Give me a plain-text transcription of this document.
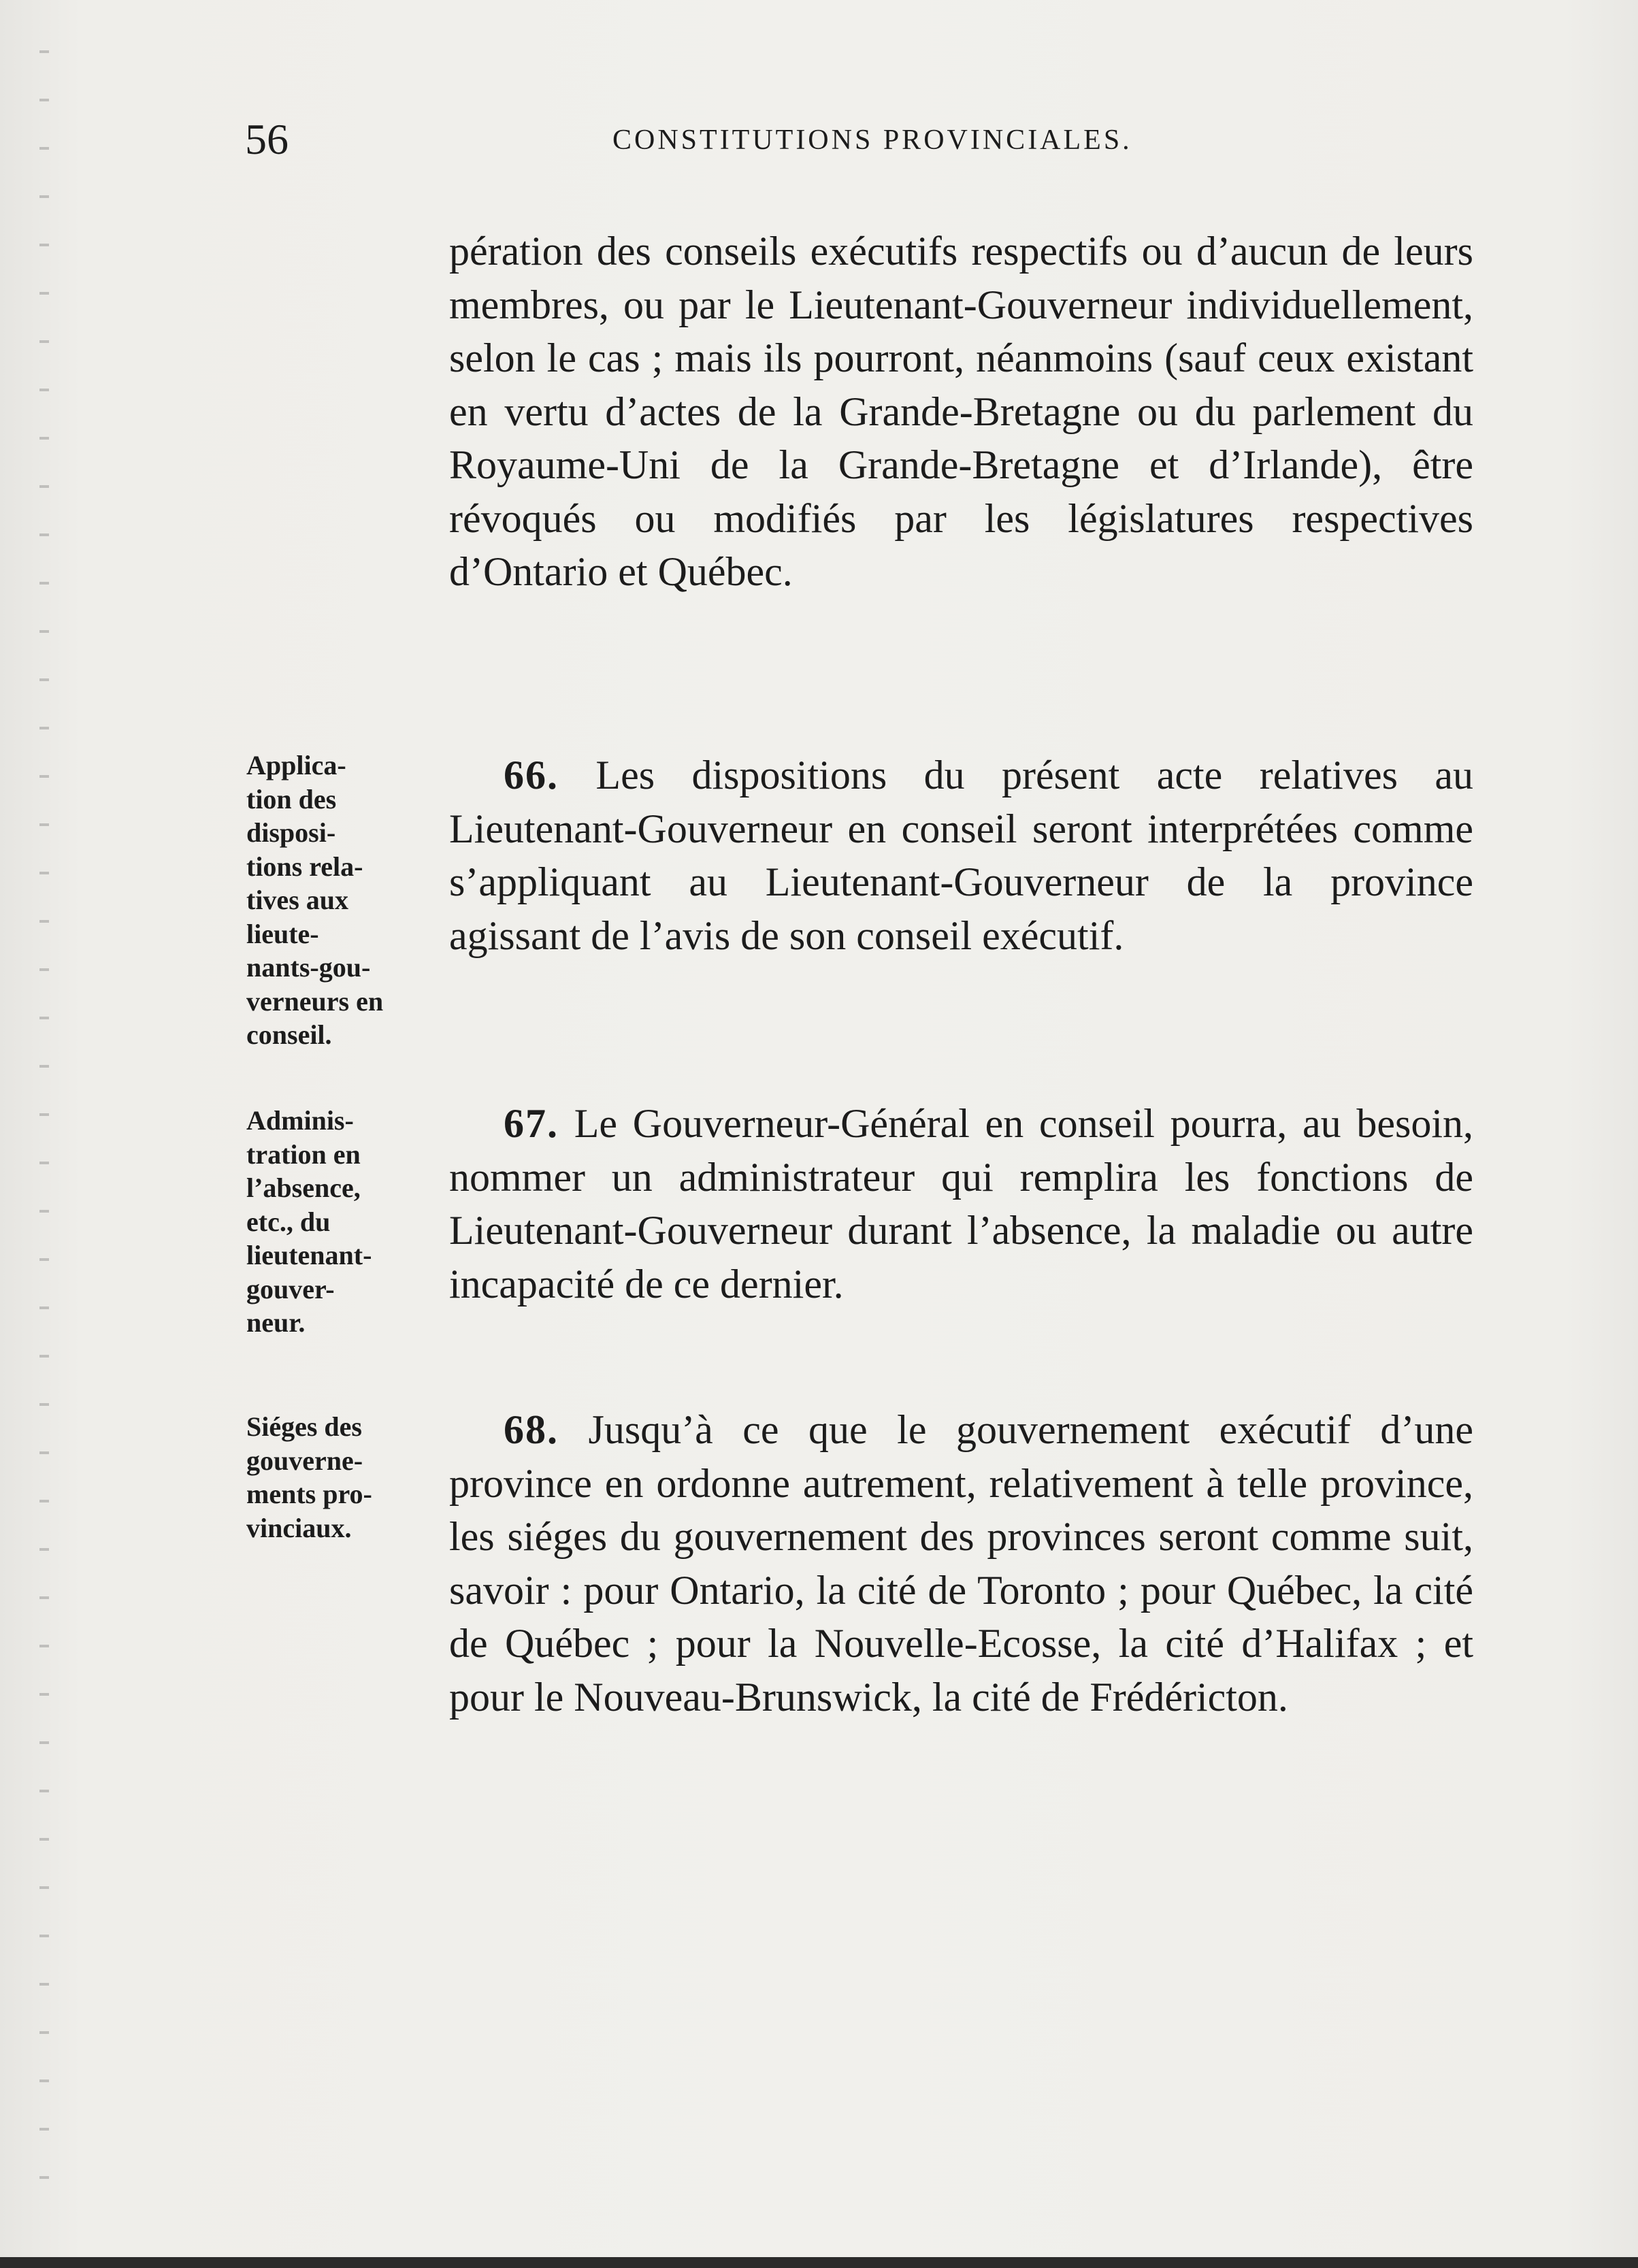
56	CONSTITUTIONS PROVINCIALES.

pération des conseils exécutifs respectifs ou d’aucun de leurs membres, ou par le Lieutenant-Gouverneur individuellement, selon le cas ; mais ils pourront, néanmoins (sauf ceux existant en vertu d’actes de la Grande-Bretagne ou du parlement du Royaume-Uni de la Grande-Bretagne et d’Irlande), être révoqués ou modifiés par les législatures respectives d’Ontario et Québec.

66. Les dispositions du présent acte relatives au Lieutenant-Gouverneur en conseil seront interprétées comme s’appliquant au Lieutenant-Gouverneur de la province agissant de l’avis de son conseil exécutif.

67. Le Gouverneur-Général en conseil pourra, au besoin, nommer un administrateur qui remplira les fonctions de Lieutenant-Gouverneur durant l’absence, la maladie ou autre incapacité de ce dernier.

68. Jusqu’à ce que le gouvernement exécutif d’une province en ordonne autrement, relativement à telle province, les siéges du gouvernement des provinces seront comme suit, savoir : pour Ontario, la cité de Toronto ; pour Québec, la cité de Québec ; pour la Nouvelle-Ecosse, la cité d’Halifax ; et pour le Nouveau-Brunswick, la cité de Frédéricton.

Applica-
tion des
disposi-
tions rela-
tives aux
lieute-
nants-gou-
verneurs en
conseil.
Adminis-
tration en
l’absence,
etc., du
lieutenant-
gouver-
neur.
Siéges des
gouverne-
ments pro-
vinciaux.
